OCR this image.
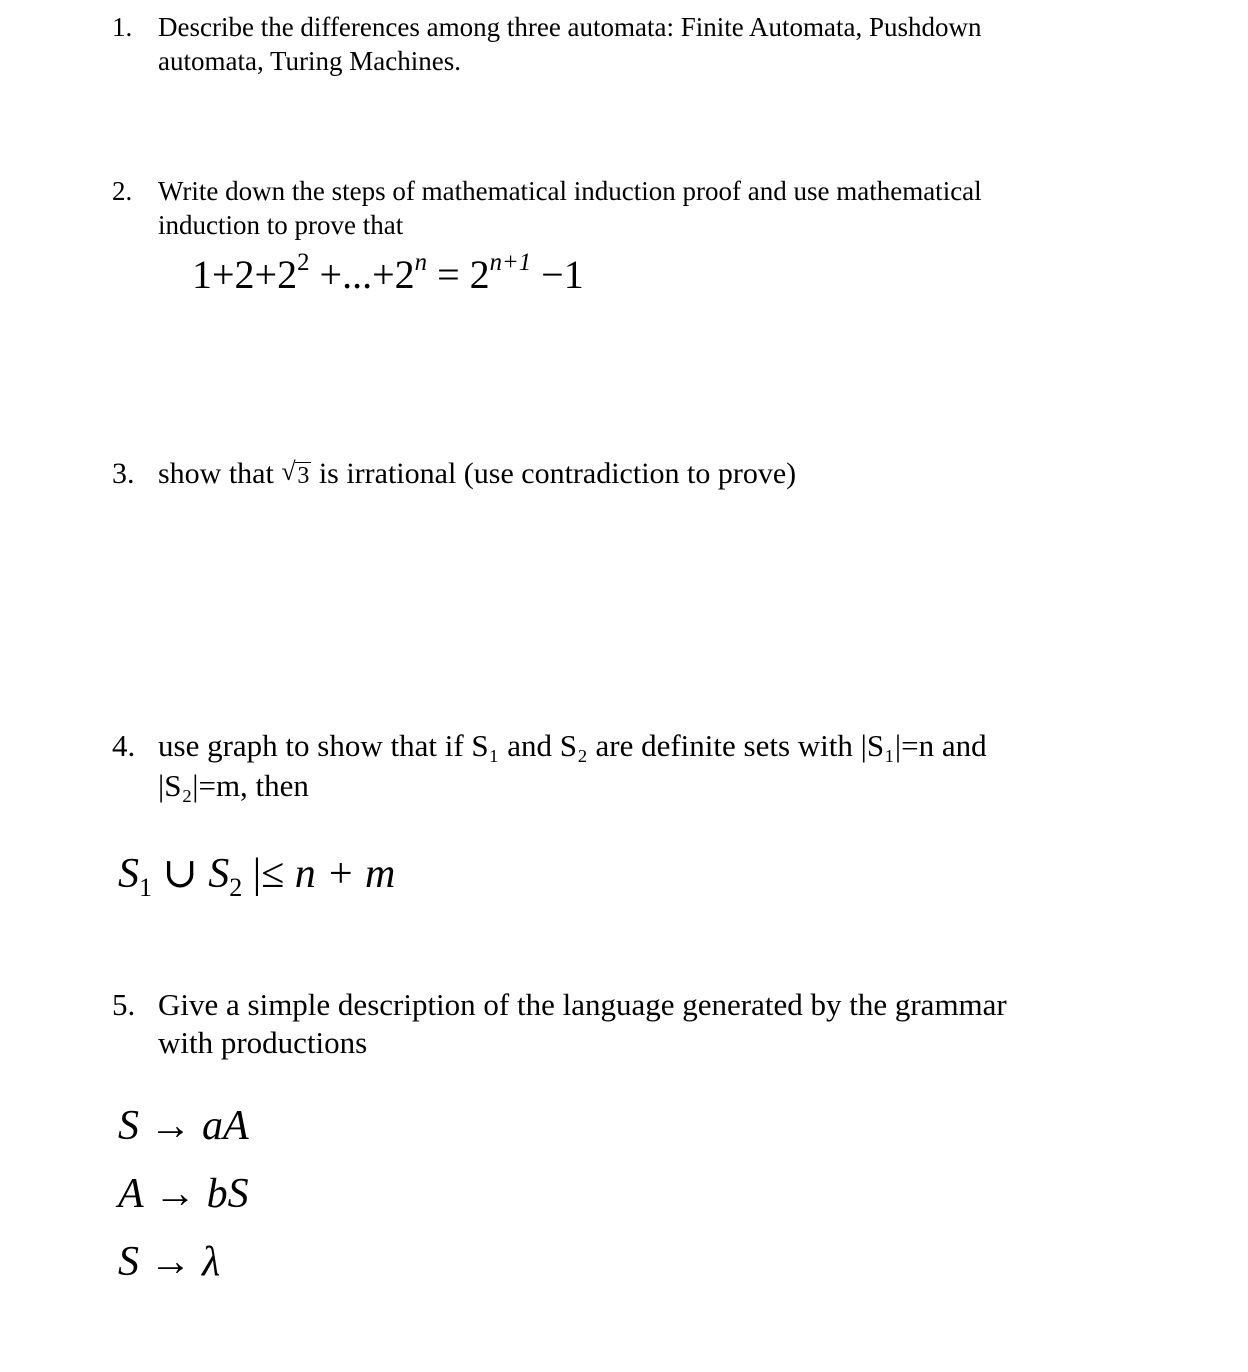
1. Describe the differences among three automata: Finite Automata, Pushdown
automata, Turing Machines.
2. Write down the steps of mathematical induction proof and use mathematical
induction to prove that
$1+2+2^2 +...+2^n = 2^{n+1} -1$
3. show that √ 3 is irrational (use contradiction to prove)
4. use graph to show that if S₁ and S₂ are definite sets with |S₁|=n and
|S₂|=m, then
$S_1$ ∪ $S_2$ |≤ n + m
5. Give a simple description of the language generated by the grammar
with productions
S → aA
A → bS
S → λ
